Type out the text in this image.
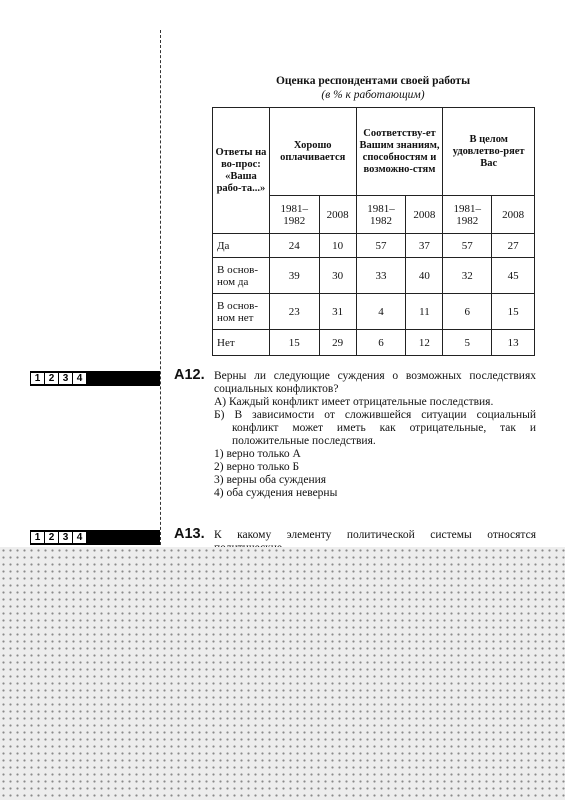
Оценка респондентами своей работы
(в % к работающим)
Ответы на во-прос: «Ваша рабо-та...»	Хорошо оплачивается		Соответству-ет Вашим знаниям, способностям и возможно-стям		В целом удовлетво-ряет Вас	
	1981–1982	2008	1981–1982	2008	1981–1982	2008
Да	24	10	57	37	57	27
В основ-ном да	39	30	33	40	32	45
В основ-ном нет	23	31	4	11	6	15
Нет	15	29	6	12	5	13
1 2 3 4	А12. Верны ли следующие суждения о возможных последствиях социальных конфликтов?
А) Каждый конфликт имеет отрицательные последствия.
Б) В зависимости от сложившейся ситуации социальный конфликт может иметь как отрицательные, так и положительные последствия.
1) верно только А
2) верно только Б
3) верны оба суждения
4) оба суждения неверны
1 2 3 4	А13. К какому элементу политической системы относятся
